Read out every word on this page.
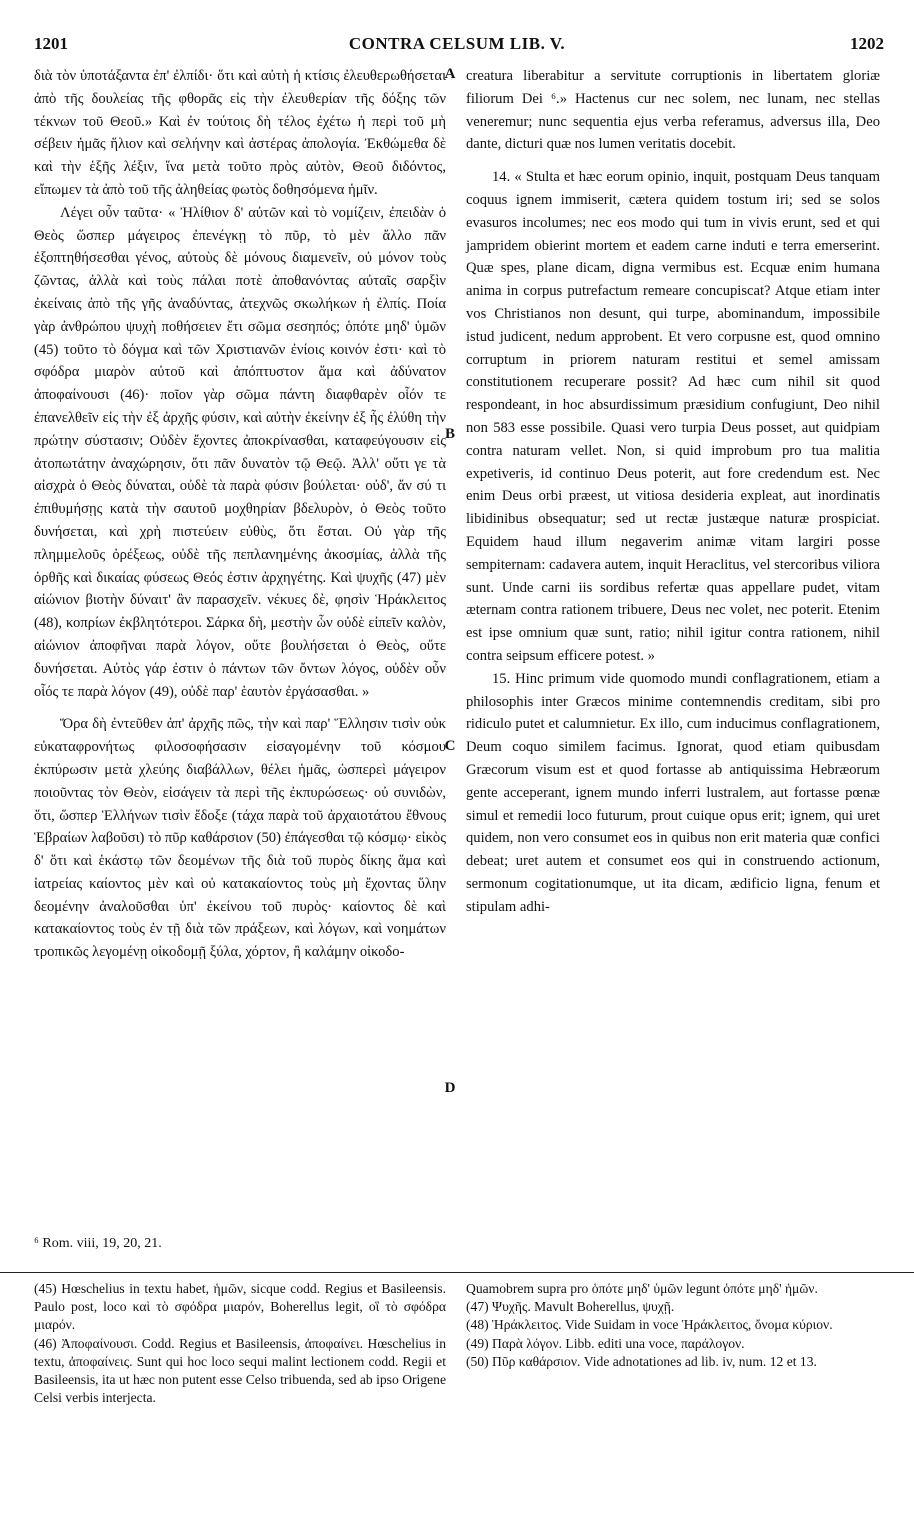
1201	CONTRA CELSUM LIB. V.	1202

διὰ τὸν ὑποτάξαντα ἐπ' ἐλπίδι· ὅτι καὶ αὐτὴ ἡ κτίσις ἐλευθερωθήσεται ἀπὸ τῆς δουλείας τῆς φθορᾶς εἰς τὴν ἐλευθερίαν τῆς δόξης τῶν τέκνων τοῦ Θεοῦ.» Καὶ ἐν τούτοις δὴ τέλος ἐχέτω ἡ περὶ τοῦ μὴ σέβειν ἡμᾶς ἥλιον καὶ σελήνην καὶ ἀστέρας ἀπολογία. Ἐκθώμεθα δὲ καὶ τὴν ἑξῆς λέξιν, ἵνα μετὰ τοῦτο πρὸς αὐτὸν, Θεοῦ διδόντος, εἴπωμεν τὰ ἀπὸ τοῦ τῆς ἀληθείας φωτὸς δοθησόμενα ἡμῖν.

Λέγει οὖν ταῦτα· « Ἠλίθιον δ' αὐτῶν καὶ τὸ νομίζειν, ἐπειδὰν ὁ Θεὸς ὥσπερ μάγειρος ἐπενέγκῃ τὸ πῦρ, τὸ μὲν ἄλλο πᾶν ἐξοπτηθήσεσθαι γένος, αὐτοὺς δὲ μόνους διαμενεῖν, οὐ μόνον τοὺς ζῶντας, ἀλλὰ καὶ τοὺς πάλαι ποτὲ ἀποθανόντας αὐταῖς σαρξὶν ἐκείναις ἀπὸ τῆς γῆς ἀναδύντας, ἀτεχνῶς σκωλήκων ἡ ἐλπίς. Ποία γὰρ ἀνθρώπου ψυχὴ ποθήσειεν ἔτι σῶμα σεσηπός; ὁπότε μηδ' ὑμῶν (45) τοῦτο τὸ δόγμα καὶ τῶν Χριστιανῶν ἐνίοις κοινόν ἐστι· καὶ τὸ σφόδρα μιαρὸν αὐτοῦ καὶ ἀπόπτυστον ἅμα καὶ ἀδύνατον ἀποφαίνουσι (46)· ποῖον γὰρ σῶμα πάντη διαφθαρὲν οἷόν τε ἐπανελθεῖν εἰς τὴν ἐξ ἀρχῆς φύσιν, καὶ αὐτὴν ἐκείνην ἐξ ἧς ἐλύθη τὴν πρώτην σύστασιν; Οὐδὲν ἔχοντες ἀποκρίνασθαι, καταφεύγουσιν εἰς ἀτοπωτάτην ἀναχώρησιν, ὅτι πᾶν δυνατὸν τῷ Θεῷ. Ἀλλ' οὔτι γε τὰ αἰσχρὰ ὁ Θεὸς δύναται, οὐδὲ τὰ παρὰ φύσιν βούλεται· οὐδ', ἄν σύ τι ἐπιθυμήσῃς κατὰ τὴν σαυτοῦ μοχθηρίαν βδελυρὸν, ὁ Θεὸς τοῦτο δυνήσεται, καὶ χρὴ πιστεύειν εὐθὺς, ὅτι ἔσται. Οὐ γὰρ τῆς πλημμελοῦς ὀρέξεως, οὐδὲ τῆς πεπλανημένης ἀκοσμίας, ἀλλὰ τῆς ὀρθῆς καὶ δικαίας φύσεως Θεός ἐστιν ἀρχηγέτης. Καὶ ψυχῆς (47) μὲν αἰώνιον βιοτὴν δύναιτ' ἂν παρασχεῖν. νέκυες δὲ, φησὶν Ἡράκλειτος (48), κοπρίων ἐκβλητότεροι. Σάρκα δὴ, μεστὴν ὧν οὐδὲ εἰπεῖν καλὸν, αἰώνιον ἀποφῆναι παρὰ λόγον, οὔτε βουλήσεται ὁ Θεὸς, οὔτε δυνήσεται. Αὐτὸς γάρ ἐστιν ὁ πάντων τῶν ὄντων λόγος, οὐδὲν οὖν οἷός τε παρὰ λόγον (49), οὐδὲ παρ' ἑαυτὸν ἐργάσασθαι. »

Ὅρα δὴ ἐντεῦθεν ἀπ' ἀρχῆς πῶς, τὴν καὶ παρ' Ἕλλησιν τισὶν οὐκ εὐκαταφρονήτως φιλοσοφήσασιν εἰσαγομένην τοῦ κόσμου ἐκπύρωσιν μετὰ χλεύης διαβάλλων, θέλει ἡμᾶς, ὡσπερεὶ μάγειρον ποιοῦντας τὸν Θεὸν, εἰσάγειν τὰ περὶ τῆς ἐκπυρώσεως· οὐ συνιδὼν, ὅτι, ὥσπερ Ἑλλήνων τισὶν ἔδοξε (τάχα παρὰ τοῦ ἀρχαιοτάτου ἔθνους Ἑβραίων λαβοῦσι) τὸ πῦρ καθάρσιον (50) ἐπάγεσθαι τῷ κόσμῳ· εἰκὸς δ' ὅτι καὶ ἑκάστῳ τῶν δεομένων τῆς διὰ τοῦ πυρὸς δίκης ἅμα καὶ ἰατρείας καίοντος μὲν καὶ οὐ κατακαίοντος τοὺς μὴ ἔχοντας ὕλην δεομένην ἀναλοῦσθαι ὑπ' ἐκείνου τοῦ πυρὸς· καίοντος δὲ καὶ κατακαίοντος τοὺς ἐν τῇ διὰ τῶν πράξεων, καὶ λόγων, καὶ νοημάτων τροπικῶς λεγομένῃ οἰκοδομῇ ξύλα, χόρτον, ἢ καλάμην οἰκοδο-

A
B
C
D

creatura liberabitur a servitute corruptionis in libertatem gloriæ filiorum Dei ⁶.» Hactenus cur nec solem, nec lunam, nec stellas veneremur; nunc sequentia ejus verba referamus, adversus illa, Deo dante, dicturi quæ nos lumen veritatis docebit.

14. « Stulta et hæc eorum opinio, inquit, postquam Deus tanquam coquus ignem immiserit, cætera quidem tostum iri; sed se solos evasuros incolumes; nec eos modo qui tum in vivis erunt, sed et qui jampridem obierint mortem et eadem carne induti e terra emerserint. Quæ spes, plane dicam, digna vermibus est. Ecquæ enim humana anima in corpus putrefactum remeare concupiscat? Atque etiam inter vos Christianos non desunt, qui turpe, abominandum, impossibile istud judicent, nedum approbent. Et vero corpusne est, quod omnino corruptum in priorem naturam restitui et semel amissam constitutionem recuperare possit? Ad hæc cum nihil sit quod respondeant, in hoc absurdissimum præsidium confugiunt, Deo nihil non 583 esse possibile. Quasi vero turpia Deus posset, aut quidpiam contra naturam vellet. Non, si quid improbum pro tua malitia expetiveris, id continuo Deus poterit, aut fore credendum est. Nec enim Deus orbi præest, ut vitiosa desideria expleat, aut inordinatis libidinibus obsequatur; sed ut rectæ justæque naturæ prospiciat. Equidem haud illum negaverim animæ vitam largiri posse sempiternam: cadavera autem, inquit Heraclitus, vel stercoribus viliora sunt. Unde carni iis sordibus refertæ quas appellare pudet, vitam æternam contra rationem tribuere, Deus nec volet, nec poterit. Etenim est ipse omnium quæ sunt, ratio; nihil igitur contra rationem, nihil contra seipsum efficere potest. »

15. Hinc primum vide quomodo mundi conflagrationem, etiam a philosophis inter Græcos minime contemnendis creditam, sibi pro ridiculo putet et calumnietur. Ex illo, cum inducimus conflagrationem, Deum coquo similem facimus. Ignorat, quod etiam quibusdam Græcorum visum est et quod fortasse ab antiquissima Hebræorum gente acceperant, ignem mundo inferri lustralem, aut fortasse pœnæ simul et remedii loco futurum, prout cuique opus erit; ignem, qui uret quidem, non vero consumet eos in quibus non erit materia quæ confici debeat; uret autem et consumet eos qui in construendo actionum, sermonum cogitationumque, ut ita dicam, ædificio ligna, fenum et stipulam adhi-

⁶ Rom. viii, 19, 20, 21.

(45) Hœschelius in textu habet, ἡμῶν, sicque codd. Regius et Basileensis. Paulo post, loco καὶ τὸ σφόδρα μιαρόν, Boherellus legit, οἳ τὸ σφόδρα μιαρόν.

(46) Ἀποφαίνουσι. Codd. Regius et Basileensis, ἀποφαίνει. Hœschelius in textu, ἀποφαίνεις. Sunt qui hoc loco sequi malint lectionem codd. Regii et Basileensis, ita ut hæc non putent esse Celso tribuenda, sed ab ipso Origene Celsi verbis interjecta.

Quamobrem supra pro ὁπότε μηδ' ὑμῶν legunt ὁπότε μηδ' ἡμῶν.

(47) Ψυχῆς. Mavult Boherellus, ψυχῇ.

(48) Ἡράκλειτος. Vide Suidam in voce Ἡράκλειτος, ὄνομα κύριον.

(49) Παρὰ λόγον. Libb. editi una voce, παράλογον.

(50) Πῦρ καθάρσιον. Vide adnotationes ad lib. iv, num. 12 et 13.
